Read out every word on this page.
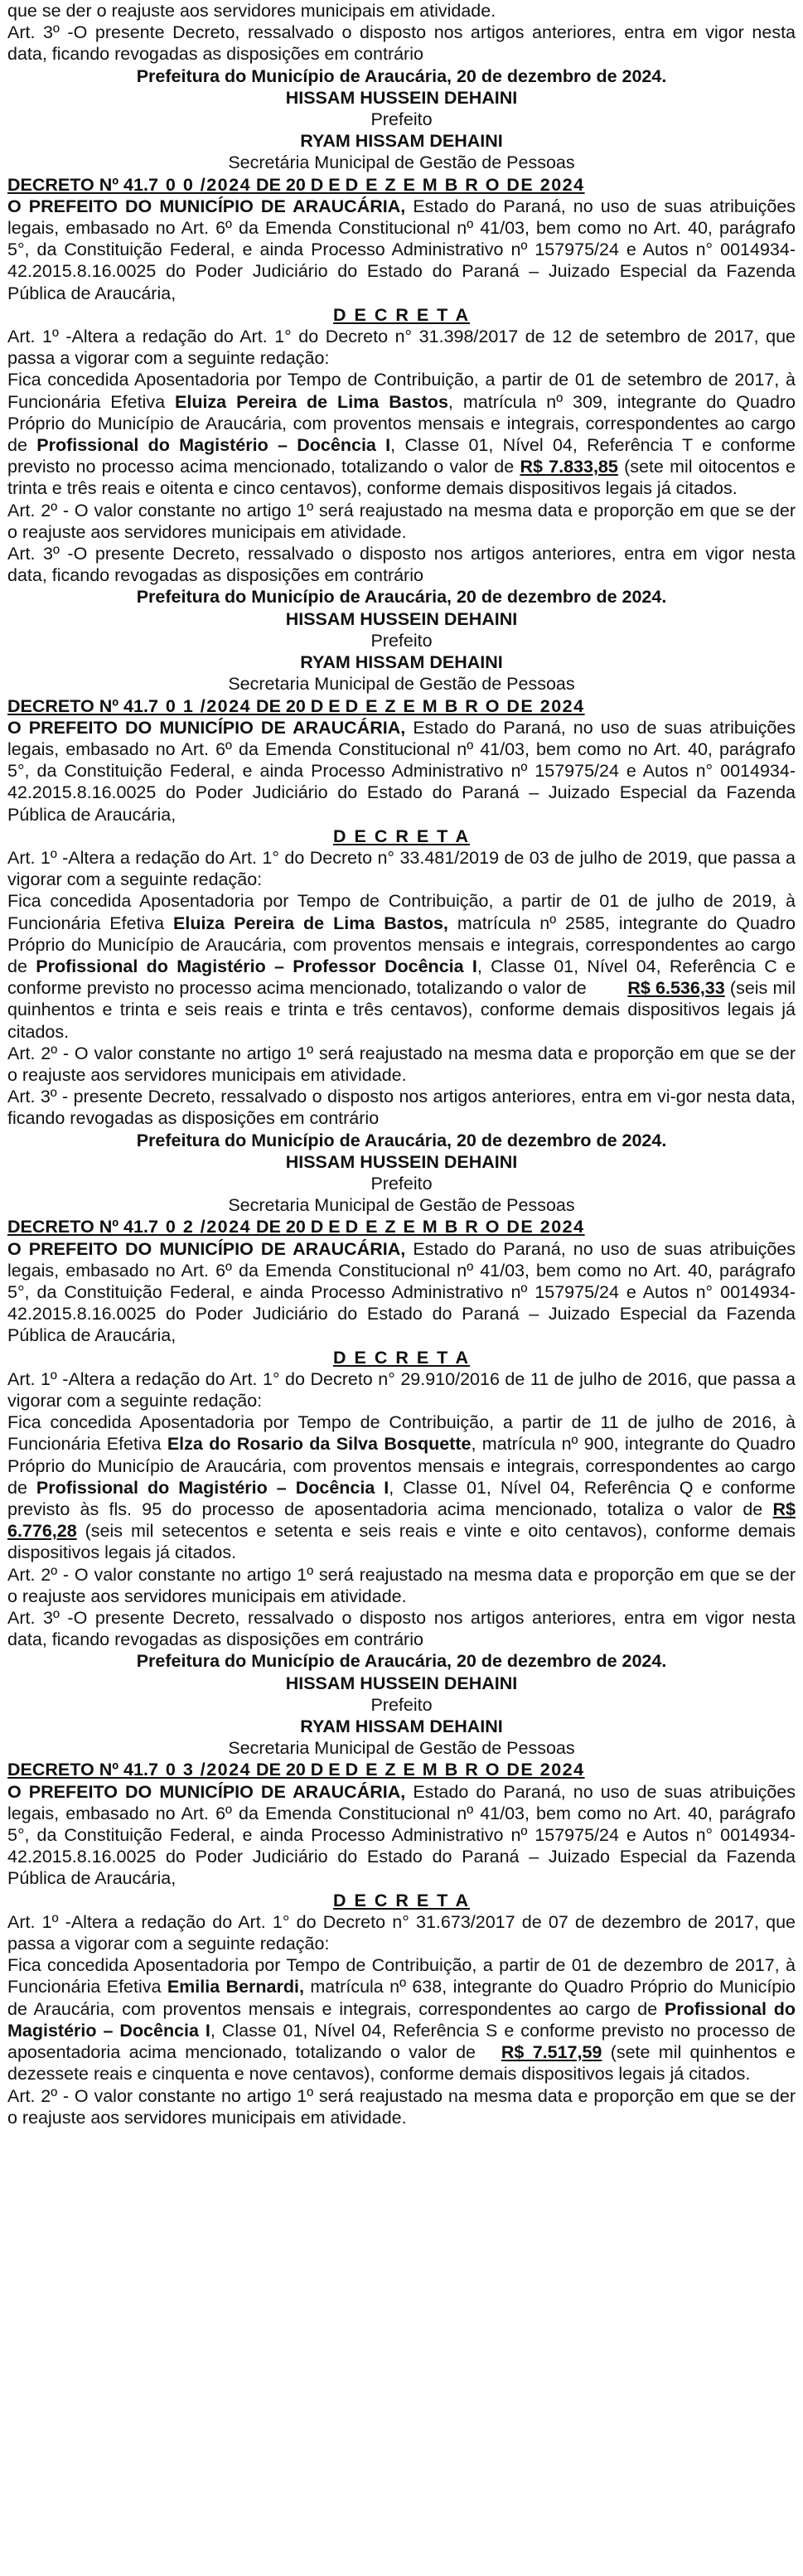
que se der o reajuste aos servidores municipais em atividade.

Art. 3º -O presente Decreto, ressalvado o disposto nos artigos anteriores, entra em vigor nesta data, ficando revogadas as disposições em contrário

Prefeitura do Município de Araucária, 20 de dezembro de 2024.

HISSAM HUSSEIN DEHAINI

Prefeito

RYAM HISSAM DEHAINI

Secretária Municipal de Gestão de Pessoas

DECRETO Nº 41.7 0 0 /2024 DE 20 D E D E Z E M B R O DE 2024

O PREFEITO DO MUNICÍPIO DE ARAUCÁRIA, Estado do Paraná, no uso de suas atribuições legais, embasado no Art. 6º da Emenda Constitucional nº 41/03, bem como no Art. 40, parágrafo 5°, da Constituição Federal, e ainda Processo Administrativo nº 157975/24 e Autos n° 0014934-42.2015.8.16.0025 do Poder Judiciário do Estado do Paraná – Juizado Especial da Fazenda Pública de Araucária,

D E C R E T A

Art. 1º -Altera a redação do Art. 1° do Decreto n° 31.398/2017 de 12 de setembro de 2017, que passa a vigorar com a seguinte redação:

Fica concedida Aposentadoria por Tempo de Contribuição, a partir de 01 de setembro de 2017, à Funcionária Efetiva Eluiza Pereira de Lima Bastos, matrícula nº 309, integrante do Quadro Próprio do Município de Araucária, com proventos mensais e integrais, correspondentes ao cargo de Profissional do Magistério – Docência I, Classe 01, Nível 04, Referência T e conforme previsto no processo acima mencionado, totalizando o valor de R$ 7.833,85 (sete mil oitocentos e trinta e três reais e oitenta e cinco centavos), conforme demais dispositivos legais já citados.

Art. 2º - O valor constante no artigo 1º será reajustado na mesma data e proporção em que se der o reajuste aos servidores municipais em atividade.

Art. 3º -O presente Decreto, ressalvado o disposto nos artigos anteriores, entra em vigor nesta data, ficando revogadas as disposições em contrário

Prefeitura do Município de Araucária, 20 de dezembro de 2024.

HISSAM HUSSEIN DEHAINI

Prefeito

RYAM HISSAM DEHAINI

Secretaria Municipal de Gestão de Pessoas

DECRETO Nº 41.7 0 1 /2024 DE 20 D E D E Z E M B R O DE 2024

O PREFEITO DO MUNICÍPIO DE ARAUCÁRIA, Estado do Paraná, no uso de suas atribuições legais, embasado no Art. 6º da Emenda Constitucional nº 41/03, bem como no Art. 40, parágrafo 5°, da Constituição Federal, e ainda Processo Administrativo nº 157975/24 e Autos n° 0014934-42.2015.8.16.0025 do Poder Judiciário do Estado do Paraná – Juizado Especial da Fazenda Pública de Araucária,

D E C R E T A

Art. 1º -Altera a redação do Art. 1° do Decreto n° 33.481/2019 de 03 de julho de 2019, que passa a vigorar com a seguinte redação:

Fica concedida Aposentadoria por Tempo de Contribuição, a partir de 01 de julho de 2019, à Funcionária Efetiva Eluiza Pereira de Lima Bastos, matrícula nº 2585, integrante do Quadro Próprio do Município de Araucária, com proventos mensais e integrais, correspondentes ao cargo de Profissional do Magistério – Professor Docência I, Classe 01, Nível 04, Referência C e conforme previsto no processo acima mencionado, totalizando o valor de        R$ 6.536,33 (seis mil quinhentos e trinta e seis reais e trinta e três centavos), conforme demais dispositivos legais já citados.

Art. 2º - O valor constante no artigo 1º será reajustado na mesma data e proporção em que se der o reajuste aos servidores municipais em atividade.

Art. 3º - presente Decreto, ressalvado o disposto nos artigos anteriores, entra em vi-gor nesta data, ficando revogadas as disposições em contrário

Prefeitura do Município de Araucária, 20 de dezembro de 2024.

HISSAM HUSSEIN DEHAINI

Prefeito

Secretaria Municipal de Gestão de Pessoas

DECRETO Nº 41.7 0 2 /2024 DE 20 D E D E Z E M B R O DE 2024

O PREFEITO DO MUNICÍPIO DE ARAUCÁRIA, Estado do Paraná, no uso de suas atribuições legais, embasado no Art. 6º da Emenda Constitucional nº 41/03, bem como no Art. 40, parágrafo 5°, da Constituição Federal, e ainda Processo Administrativo nº 157975/24 e Autos n° 0014934-42.2015.8.16.0025 do Poder Judiciário do Estado do Paraná – Juizado Especial da Fazenda Pública de Araucária,

D E C R E T A

Art. 1º -Altera a redação do Art. 1° do Decreto n° 29.910/2016 de 11 de julho de 2016, que passa a vigorar com a seguinte redação:

Fica concedida Aposentadoria por Tempo de Contribuição, a partir de 11 de julho de 2016, à Funcionária Efetiva Elza do Rosario da Silva Bosquette, matrícula nº 900, integrante do Quadro Próprio do Município de Araucária, com proventos mensais e integrais, correspondentes ao cargo de Profissional do Magistério – Docência I, Classe 01, Nível 04, Referência Q e conforme previsto às fls. 95 do processo de aposentadoria acima mencionado, totaliza o valor de R$ 6.776,28 (seis mil setecentos e setenta e seis reais e vinte e oito centavos), conforme demais dispositivos legais já citados.

Art. 2º - O valor constante no artigo 1º será reajustado na mesma data e proporção em que se der o reajuste aos servidores municipais em atividade.

Art. 3º -O presente Decreto, ressalvado o disposto nos artigos anteriores, entra em vigor nesta data, ficando revogadas as disposições em contrário

Prefeitura do Município de Araucária, 20 de dezembro de 2024.

HISSAM HUSSEIN DEHAINI

Prefeito

RYAM HISSAM DEHAINI

Secretaria Municipal de Gestão de Pessoas

DECRETO Nº 41.7 0 3 /2024 DE 20 D E D E Z E M B R O DE 2024

O PREFEITO DO MUNICÍPIO DE ARAUCÁRIA, Estado do Paraná, no uso de suas atribuições legais, embasado no Art. 6º da Emenda Constitucional nº 41/03, bem como no Art. 40, parágrafo 5°, da Constituição Federal, e ainda Processo Administrativo nº 157975/24 e Autos n° 0014934-42.2015.8.16.0025 do Poder Judiciário do Estado do Paraná – Juizado Especial da Fazenda Pública de Araucária,

D E C R E T A

Art. 1º -Altera a redação do Art. 1° do Decreto n° 31.673/2017 de 07 de dezembro de 2017, que passa a vigorar com a seguinte redação:

Fica concedida Aposentadoria por Tempo de Contribuição, a partir de 01 de dezembro de 2017, à Funcionária Efetiva Emilia Bernardi, matrícula nº 638, integrante do Quadro Próprio do Município de Araucária, com proventos mensais e integrais, correspondentes ao cargo de Profissional do Magistério – Docência I, Classe 01, Nível 04, Referência S e conforme previsto no processo de aposentadoria acima mencionado, totalizando o valor de   R$ 7.517,59 (sete mil quinhentos e dezessete reais e cinquenta e nove centavos), conforme demais dispositivos legais já citados.

Art. 2º - O valor constante no artigo 1º será reajustado na mesma data e proporção em que se der o reajuste aos servidores municipais em atividade.
